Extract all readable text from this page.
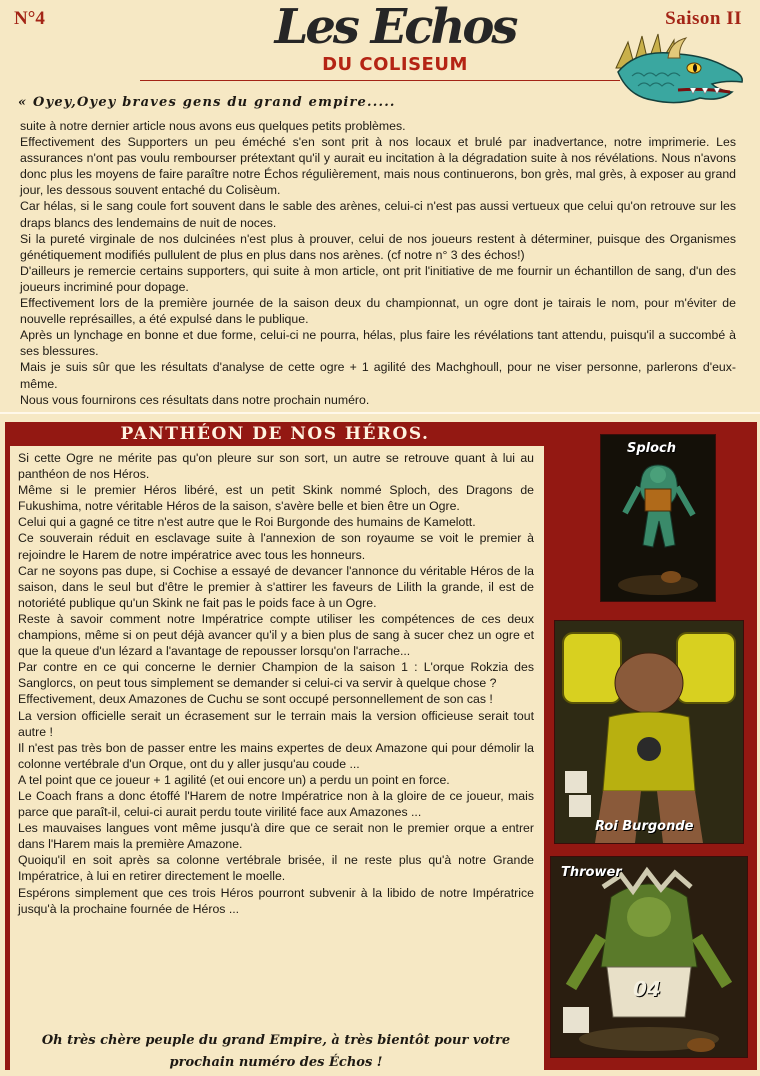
N°4	Saison II
Les Echos
DU COLISEUM
« Oyey,Oyey braves gens du grand empire.....

suite à notre dernier article nous avons eus quelques petits problèmes.

Effectivement des Supporters un peu éméché s'en sont prit à nos locaux et brulé par inadvertance, notre imprimerie. Les assurances n'ont pas voulu rembourser prétextant qu'il y aurait eu incitation à la dégradation suite à nos révélations. Nous n'avons donc plus les moyens de faire paraître notre Échos régulièrement, mais nous continuerons, bon grès, mal grès, à exposer au grand jour, les dessous souvent entaché du Colisèum.

Car hélas, si le sang coule fort souvent dans le sable des arènes, celui-ci n'est pas aussi vertueux que celui qu'on retrouve sur les draps blancs des lendemains de nuit de noces.

Si la pureté virginale de nos dulcinées n'est plus à prouver, celui de nos joueurs restent à déterminer, puisque des Organismes génétiquement modifiés pullulent de plus en plus dans nos arènes. (cf notre n° 3 des échos!)

D'ailleurs je remercie certains supporters, qui suite à mon article, ont prit l'initiative de me fournir un échantillon de sang, d'un des joueurs incriminé pour dopage.

Effectivement lors de la première journée de la saison deux du championnat, un ogre dont je tairais le nom, pour m'éviter de nouvelle représailles, a été expulsé dans le publique.

Après un lynchage en bonne et due forme, celui-ci ne pourra, hélas, plus faire les révélations tant attendu, puisqu'il a succombé à ses blessures.

Mais je suis sûr que les résultats d'analyse de cette ogre + 1 agilité des Machghoull, pour ne viser personne, parlerons d'eux-même.

Nous vous fournirons ces résultats dans notre prochain numéro.

PANTHÉON DE NOS HÉROS.

Si cette Ogre ne mérite pas qu'on pleure sur son sort, un autre se retrouve quant à lui au panthéon de nos Héros.

Même si le premier Héros libéré, est un petit Skink nommé Sploch, des Dragons de Fukushima, notre véritable Héros de la saison, s'avère belle et bien être un Ogre.

Celui qui a gagné ce titre n'est autre que le Roi Burgonde des humains de Kamelott.

Ce souverain réduit en esclavage suite à l'annexion de son royaume se voit le premier à rejoindre le Harem de notre impératrice avec tous les honneurs.

Car ne soyons pas dupe, si Cochise a essayé de devancer l'annonce du véritable Héros de la saison, dans le seul but d'être le premier à s'attirer les faveurs de Lilith la grande, il est de notoriété publique qu'un Skink ne fait pas le poids face à un Ogre.

Reste à savoir comment notre Impératrice compte utiliser les compétences de ces deux champions, même si on peut déjà avancer qu'il y a bien plus de sang à sucer chez un ogre et que la queue d'un lézard a l'avantage de repousser lorsqu'on l'arrache...

Par contre en ce qui concerne le dernier Champion de la saison 1 : L'orque Rokzia des Sanglorcs, on peut tous simplement se demander si celui-ci va servir à quelque chose ?

Effectivement, deux Amazones de Cuchu se sont occupé personnellement de son cas !

La version officielle serait un écrasement sur le terrain mais la version officieuse serait tout autre !

Il n'est pas très bon de passer entre les mains expertes de deux Amazone qui pour démolir la colonne vertébrale d'un Orque, ont du y aller jusqu'au coude ...

A tel point que ce joueur + 1 agilité (et oui encore un) a perdu un point en force.

Le Coach frans a donc étoffé l'Harem de notre Impératrice non à la gloire de ce joueur, mais parce que paraît-il, celui-ci aurait perdu toute virilité face aux Amazones ...

Les mauvaises langues vont même jusqu'à dire que ce serait non le premier orque a entrer dans l'Harem mais la première Amazone.

Quoiqu'il en soit après sa colonne vertébrale brisée, il ne reste plus qu'à notre Grande Impératrice, à lui en retirer directement le moelle.

Espérons simplement que ces trois Héros pourront subvenir à la libido de notre Impératrice jusqu'à la prochaine fournée de Héros ...

Oh très chère peuple du grand Empire, à très bientôt pour votre
prochain numéro des Échos !
Sploch
Roi Burgonde
Thrower
04
